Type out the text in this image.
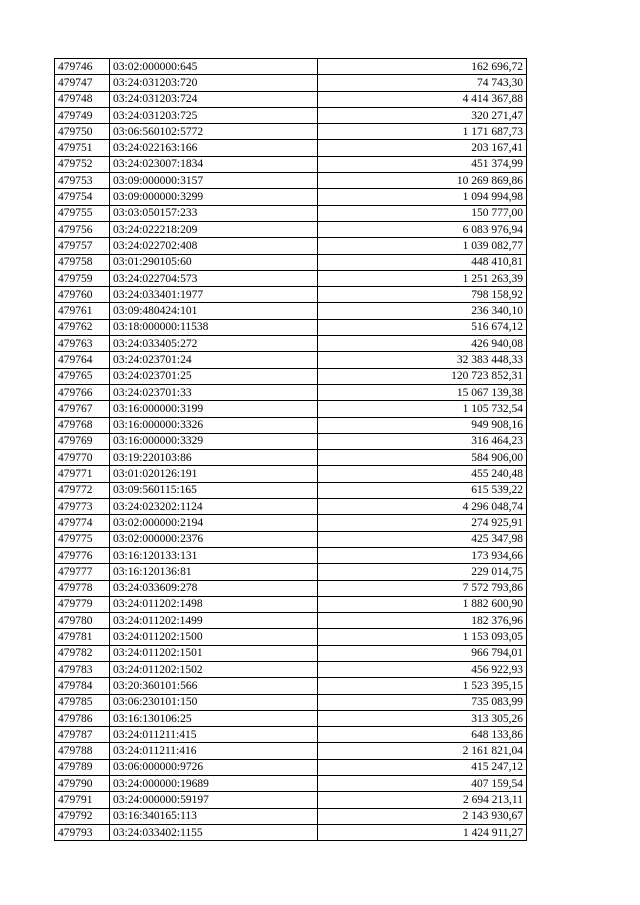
479746	03:02:000000:645	162 696,72
479747	03:24:031203:720	74 743,30
479748	03:24:031203:724	4 414 367,88
479749	03:24:031203:725	320 271,47
479750	03:06:560102:5772	1 171 687,73
479751	03:24:022163:166	203 167,41
479752	03:24:023007:1834	451 374,99
479753	03:09:000000:3157	10 269 869,86
479754	03:09:000000:3299	1 094 994,98
479755	03:03:050157:233	150 777,00
479756	03:24:022218:209	6 083 976,94
479757	03:24:022702:408	1 039 082,77
479758	03:01:290105:60	448 410,81
479759	03:24:022704:573	1 251 263,39
479760	03:24:033401:1977	798 158,92
479761	03:09:480424:101	236 340,10
479762	03:18:000000:11538	516 674,12
479763	03:24:033405:272	426 940,08
479764	03:24:023701:24	32 383 448,33
479765	03:24:023701:25	120 723 852,31
479766	03:24:023701:33	15 067 139,38
479767	03:16:000000:3199	1 105 732,54
479768	03:16:000000:3326	949 908,16
479769	03:16:000000:3329	316 464,23
479770	03:19:220103:86	584 906,00
479771	03:01:020126:191	455 240,48
479772	03:09:560115:165	615 539,22
479773	03:24:023202:1124	4 296 048,74
479774	03:02:000000:2194	274 925,91
479775	03:02:000000:2376	425 347,98
479776	03:16:120133:131	173 934,66
479777	03:16:120136:81	229 014,75
479778	03:24:033609:278	7 572 793,86
479779	03:24:011202:1498	1 882 600,90
479780	03:24:011202:1499	182 376,96
479781	03:24:011202:1500	1 153 093,05
479782	03:24:011202:1501	966 794,01
479783	03:24:011202:1502	456 922,93
479784	03:20:360101:566	1 523 395,15
479785	03:06:230101:150	735 083,99
479786	03:16:130106:25	313 305,26
479787	03:24:011211:415	648 133,86
479788	03:24:011211:416	2 161 821,04
479789	03:06:000000:9726	415 247,12
479790	03:24:000000:19689	407 159,54
479791	03:24:000000:59197	2 694 213,11
479792	03:16:340165:113	2 143 930,67
479793	03:24:033402:1155	1 424 911,27
